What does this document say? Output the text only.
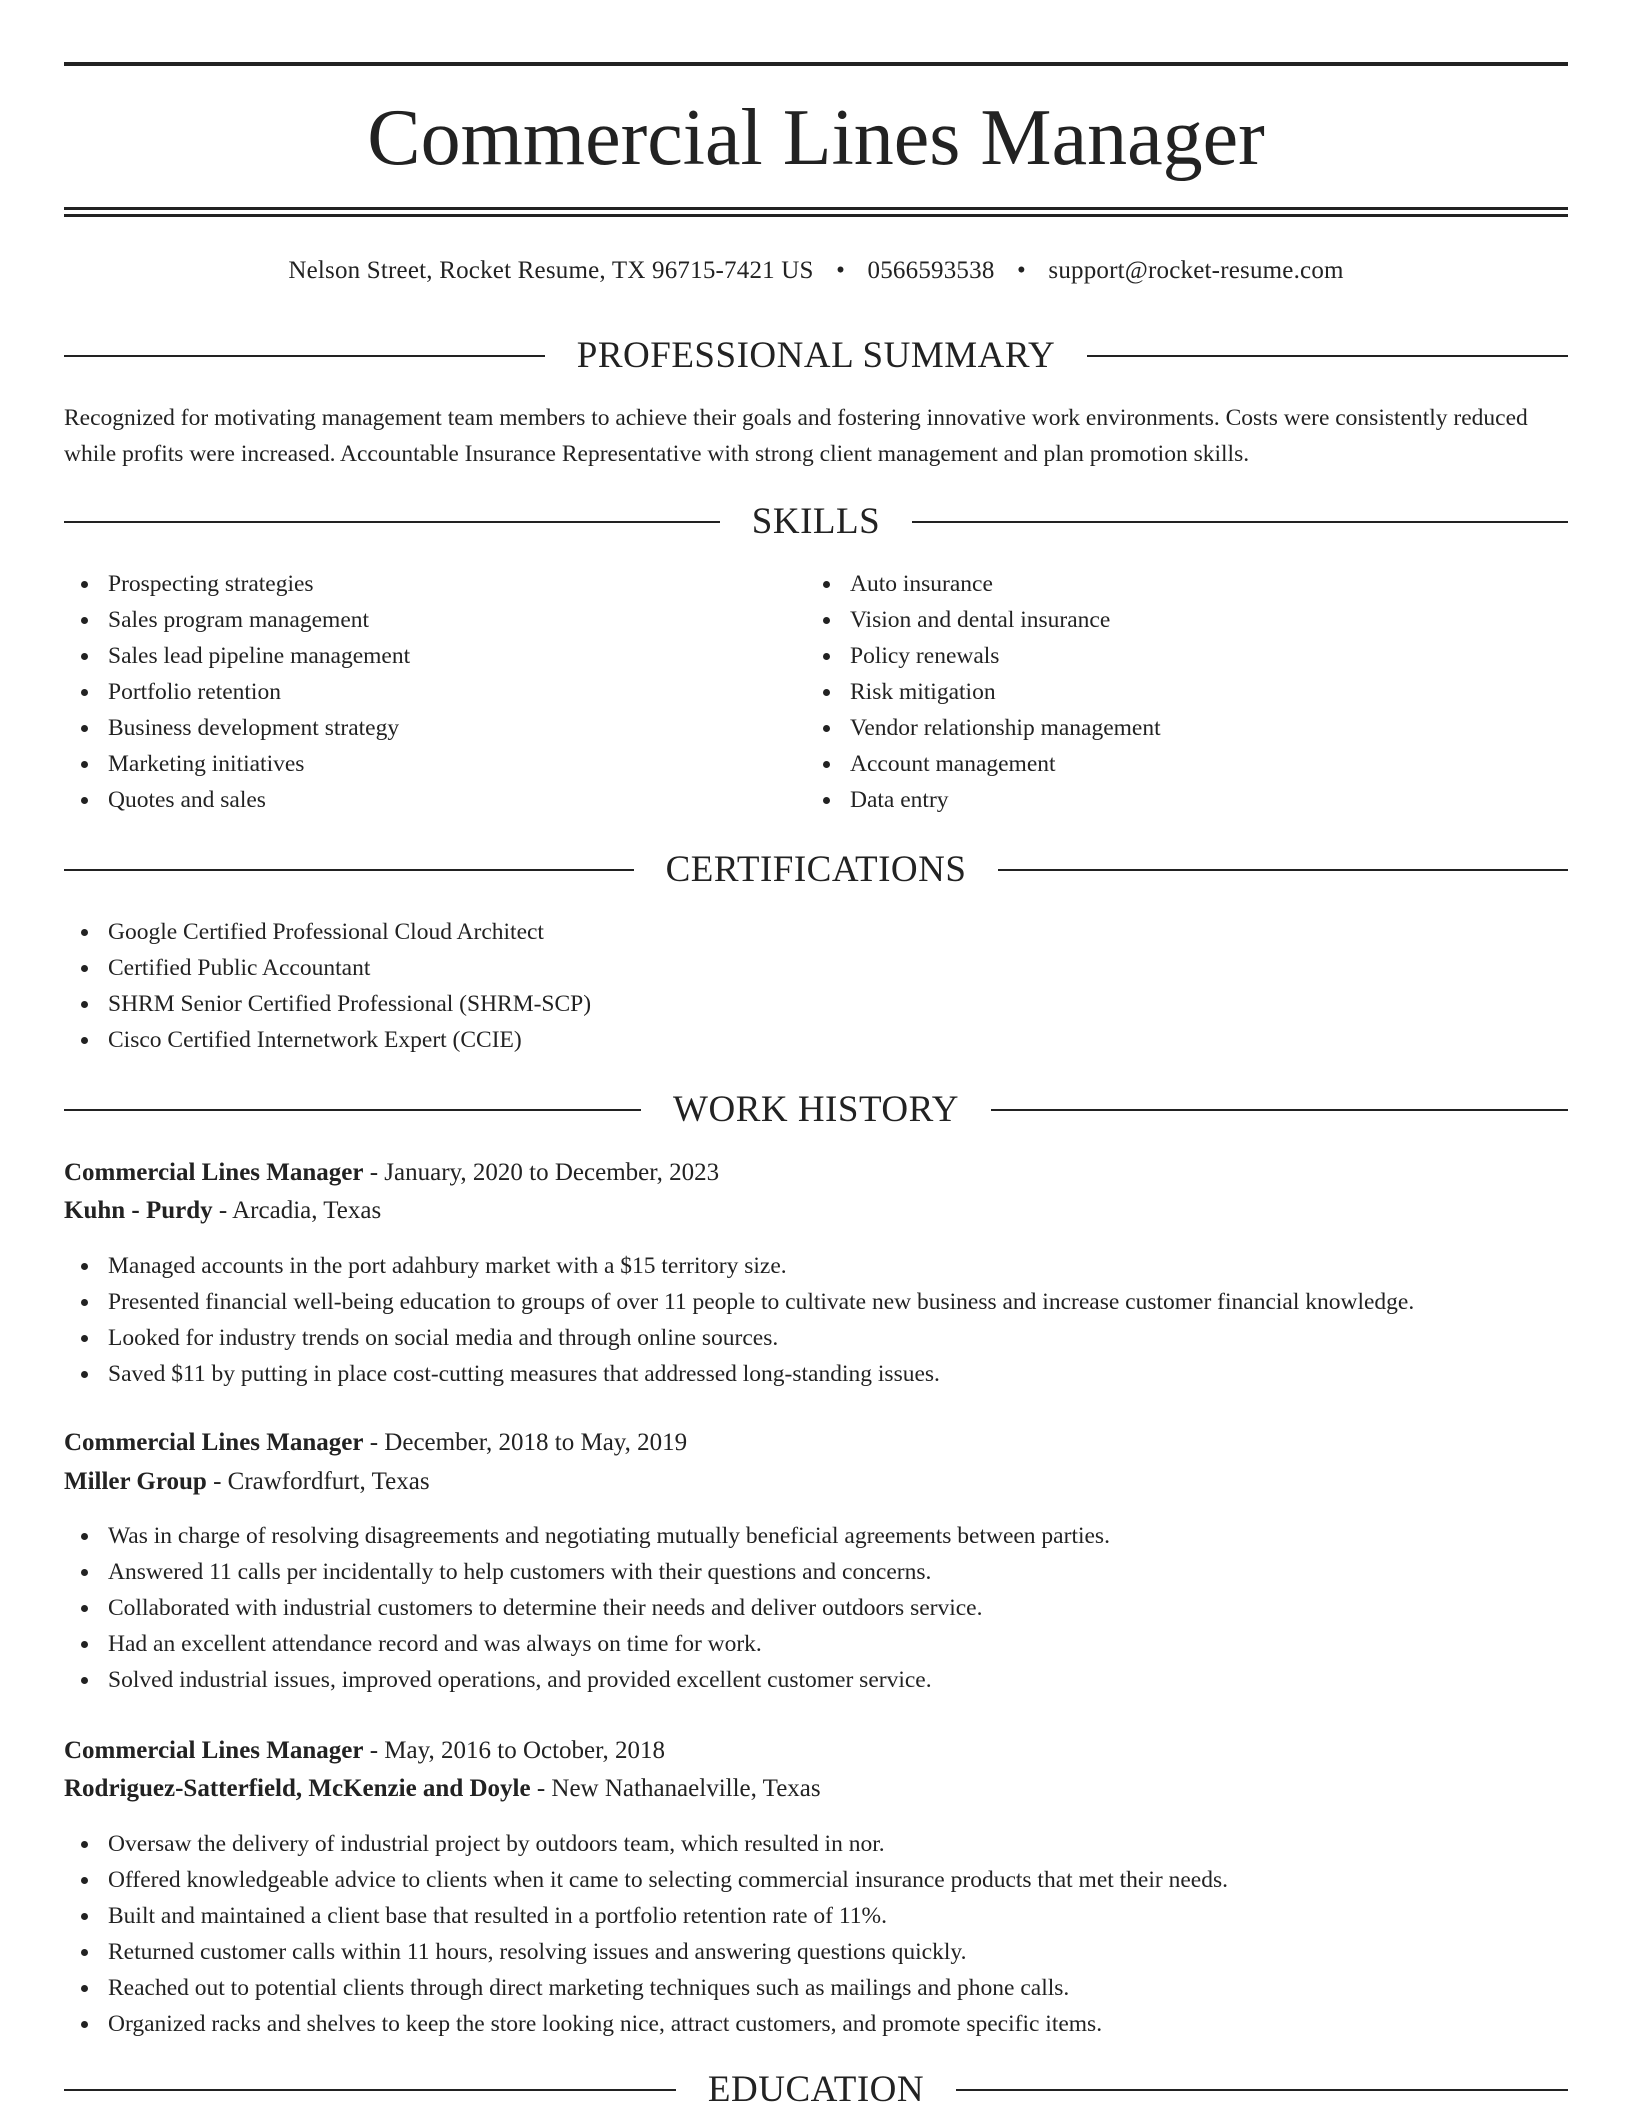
Commercial Lines Manager
Nelson Street, Rocket Resume, TX 96715-7421 US • 0566593538 • support@rocket-resume.com
PROFESSIONAL SUMMARY

Recognized for motivating management team members to achieve their goals and fostering innovative work environments. Costs were consistently reduced while profits were increased. Accountable Insurance Representative with strong client management and plan promotion skills.

SKILLS
Prospecting strategies
Sales program management
Sales lead pipeline management
Portfolio retention
Business development strategy
Marketing initiatives
Quotes and sales
Auto insurance
Vision and dental insurance
Policy renewals
Risk mitigation
Vendor relationship management
Account management
Data entry
CERTIFICATIONS
Google Certified Professional Cloud Architect
Certified Public Accountant
SHRM Senior Certified Professional (SHRM-SCP)
Cisco Certified Internetwork Expert (CCIE)
WORK HISTORY
Commercial Lines Manager - January, 2020 to December, 2023
Kuhn - Purdy - Arcadia, Texas
Managed accounts in the port adahbury market with a $15 territory size.
Presented financial well-being education to groups of over 11 people to cultivate new business and increase customer financial knowledge.
Looked for industry trends on social media and through online sources.
Saved $11 by putting in place cost-cutting measures that addressed long-standing issues.
Commercial Lines Manager - December, 2018 to May, 2019
Miller Group - Crawfordfurt, Texas
Was in charge of resolving disagreements and negotiating mutually beneficial agreements between parties.
Answered 11 calls per incidentally to help customers with their questions and concerns.
Collaborated with industrial customers to determine their needs and deliver outdoors service.
Had an excellent attendance record and was always on time for work.
Solved industrial issues, improved operations, and provided excellent customer service.
Commercial Lines Manager - May, 2016 to October, 2018
Rodriguez-Satterfield, McKenzie and Doyle - New Nathanaelville, Texas
Oversaw the delivery of industrial project by outdoors team, which resulted in nor.
Offered knowledgeable advice to clients when it came to selecting commercial insurance products that met their needs.
Built and maintained a client base that resulted in a portfolio retention rate of 11%.
Returned customer calls within 11 hours, resolving issues and answering questions quickly.
Reached out to potential clients through direct marketing techniques such as mailings and phone calls.
Organized racks and shelves to keep the store looking nice, attract customers, and promote specific items.
EDUCATION
